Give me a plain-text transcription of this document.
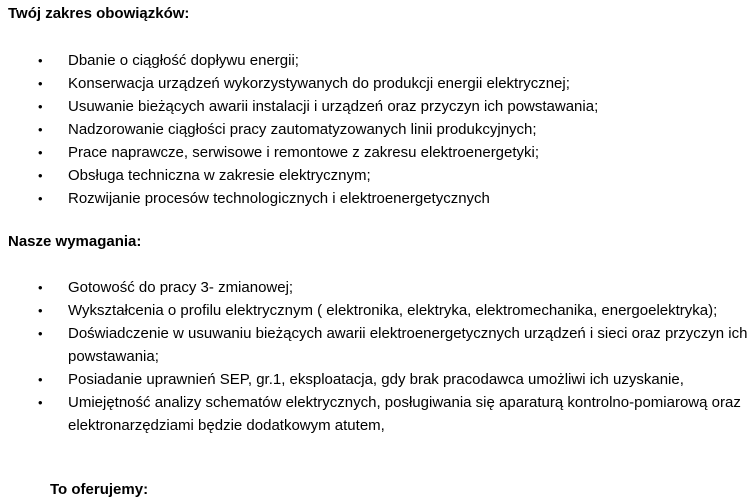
Twój zakres obowiązków:
• Dbanie o ciągłość dopływu energii;
• Konserwacja urządzeń wykorzystywanych do produkcji energii elektrycznej;
• Usuwanie bieżących awarii instalacji i urządzeń oraz przyczyn ich powstawania;
• Nadzorowanie ciągłości pracy zautomatyzowanych linii produkcyjnych;
• Prace naprawcze, serwisowe i remontowe z zakresu elektroenergetyki;
• Obsługa techniczna w zakresie elektrycznym;
• Rozwijanie procesów technologicznych i elektroenergetycznych
Nasze wymagania:
• Gotowość do pracy 3- zmianowej;
• Wykształcenia o profilu elektrycznym ( elektronika, elektryka, elektromechanika, energoelektryka);
• Doświadczenie w usuwaniu bieżących awarii elektroenergetycznych urządzeń i sieci oraz przyczyn ich powstawania;
• Posiadanie uprawnień SEP, gr.1, eksploatacja, gdy brak pracodawca umożliwi ich uzyskanie,
• Umiejętność analizy schematów elektrycznych, posługiwania się aparaturą kontrolno-pomiarową oraz elektronarzędziami będzie dodatkowym atutem,
To oferujemy:
